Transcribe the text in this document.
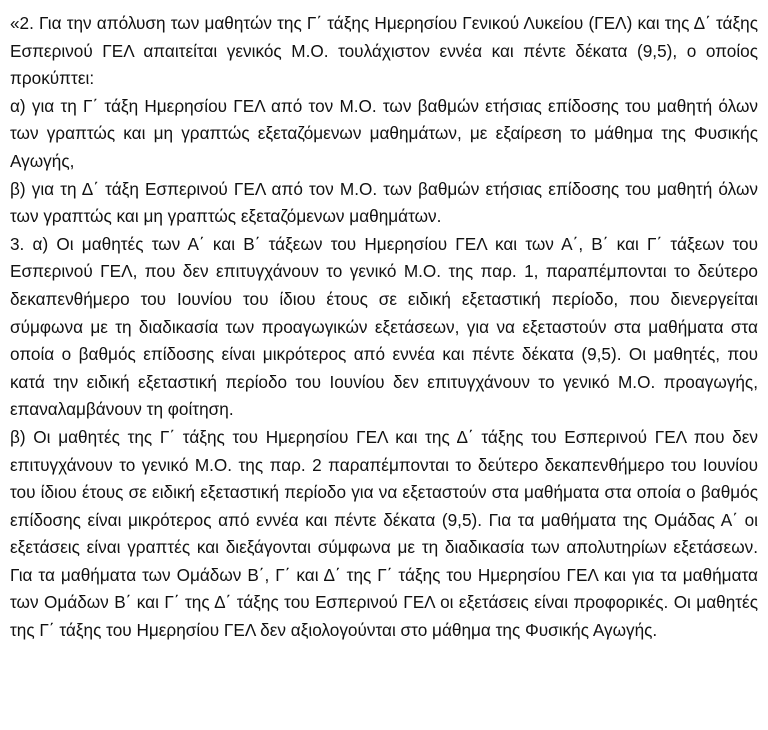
«2. Για την απόλυση των μαθητών της Γ΄ τάξης Ημερησίου Γενικού Λυκείου (ΓΕΛ) και της Δ΄ τάξης Εσπερινού ΓΕΛ απαιτείται γενικός Μ.Ο. τουλάχιστον εννέα και πέντε δέκατα (9,5), ο οποίος προκύπτει:

α) για τη Γ΄ τάξη Ημερησίου ΓΕΛ από τον Μ.Ο. των βαθμών ετήσιας επίδοσης του μαθητή όλων των γραπτώς και μη γραπτώς εξεταζόμενων μαθημάτων, με εξαίρεση το μάθημα της Φυσικής Αγωγής,

β) για τη Δ΄ τάξη Εσπερινού ΓΕΛ από τον Μ.Ο. των βαθμών ετήσιας επίδοσης του μαθητή όλων των γραπτώς και μη γραπτώς εξεταζόμενων μαθημάτων.

3. α) Οι μαθητές των Α΄ και Β΄ τάξεων του Ημερησίου ΓΕΛ και των Α΄, Β΄ και Γ΄ τάξεων του Εσπερινού ΓΕΛ, που δεν επιτυγχάνουν το γενικό Μ.Ο. της παρ. 1, παραπέμπονται το δεύτερο δεκαπενθήμερο του Ιουνίου του ίδιου έτους σε ειδική εξεταστική περίοδο, που διενεργείται σύμφωνα με τη διαδικασία των προαγωγικών εξετάσεων, για να εξεταστούν στα μαθήματα στα οποία ο βαθμός επίδοσης είναι μικρότερος από εννέα και πέντε δέκατα (9,5). Οι μαθητές, που κατά την ειδική εξεταστική περίοδο του Ιουνίου δεν επιτυγχάνουν το γενικό Μ.Ο. προαγωγής, επαναλαμβάνουν τη φοίτηση.

β) Οι μαθητές της Γ΄ τάξης του Ημερησίου ΓΕΛ και της Δ΄ τάξης του Εσπερινού ΓΕΛ που δεν επιτυγχάνουν το γενικό Μ.Ο. της παρ. 2 παραπέμπονται το δεύτερο δεκαπενθήμερο του Ιουνίου του ίδιου έτους σε ειδική εξεταστική περίοδο για να εξεταστούν στα μαθήματα στα οποία ο βαθμός επίδοσης είναι μικρότερος από εννέα και πέντε δέκατα (9,5). Για τα μαθήματα της Ομάδας Α΄ οι εξετάσεις είναι γραπτές και διεξάγονται σύμφωνα με τη διαδικασία των απολυτηρίων εξετάσεων. Για τα μαθήματα των Ομάδων Β΄, Γ΄ και Δ΄ της Γ΄ τάξης του Ημερησίου ΓΕΛ και για τα μαθήματα των Ομάδων Β΄ και Γ΄ της Δ΄ τάξης του Εσπερινού ΓΕΛ οι εξετάσεις είναι προφορικές. Οι μαθητές της Γ΄ τάξης του Ημερησίου ΓΕΛ δεν αξιολογούνται στο μάθημα της Φυσικής Αγωγής.
